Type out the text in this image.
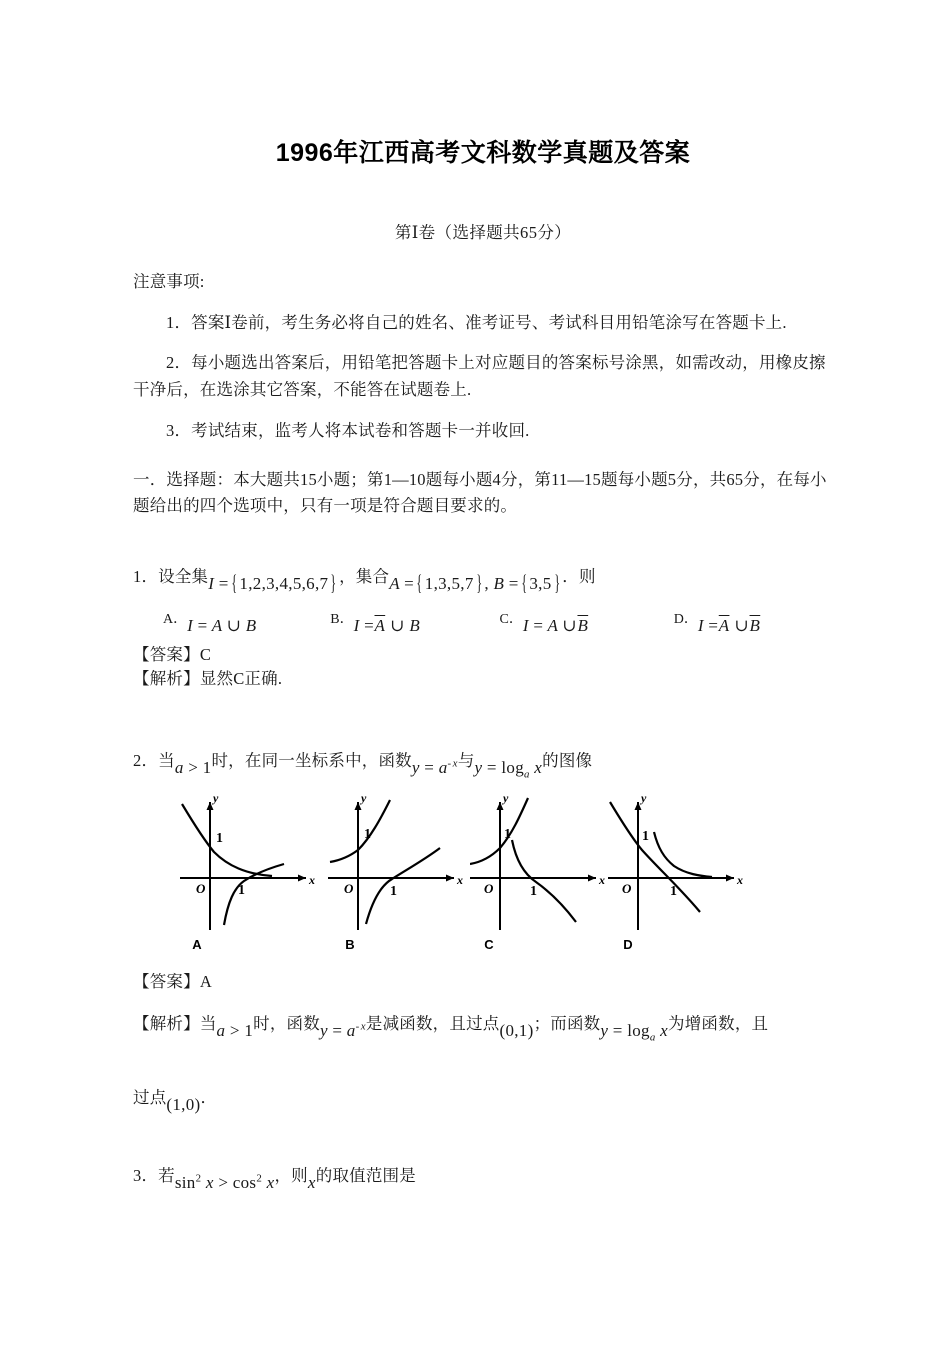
1996年江西高考文科数学真题及答案
第Ⅰ卷（选择题共65分）

注意事项:

1．答案Ⅰ卷前，考生务必将自己的姓名、准考证号、考试科目用铅笔涂写在答题卡上.

2．每小题选出答案后，用铅笔把答题卡上对应题目的答案标号涂黑，如需改动，用橡皮擦干净后，在选涂其它答案，不能答在试题卷上.

3．考试结束，监考人将本试卷和答题卡一并收回.

一．选择题：本大题共15小题；第1—10题每小题4分，第11—15题每小题5分，共65分，在每小题给出的四个选项中，只有一项是符合题目要求的。

1．设全集I = { 1,2,3,4,5,6,7 } ，集合A = { 1,3,5,7 } , B = { 3,5 } ．则
$^{A.}$I = A ∪ B	$^{B.}I =\overline{A}$ ∪ B	$^{C.}$I = A $\cup\overline{B}$	$^{D.}I =\overline{A}$ $\cup\overline{B}$
【答案】C
【解析】显然C正确.
2．当a > 1时，在同一坐标系中，函数$y = a^{- x}$与$y = \log_a x$的图像
1
1
O
x
y
A
1
1
O
x
y
B
1
1
O
x
y
C
1
1
O
x
y
D
【答案】A
【解析】当a > 1时，函数$y = a^{- x}$是减函数，且过点(0,1)；而函数$y = \log_a x$为增函数，且
过点(1,0)．
3．若$\sin^2 x > \cos^2 x$，则x的取值范围是
